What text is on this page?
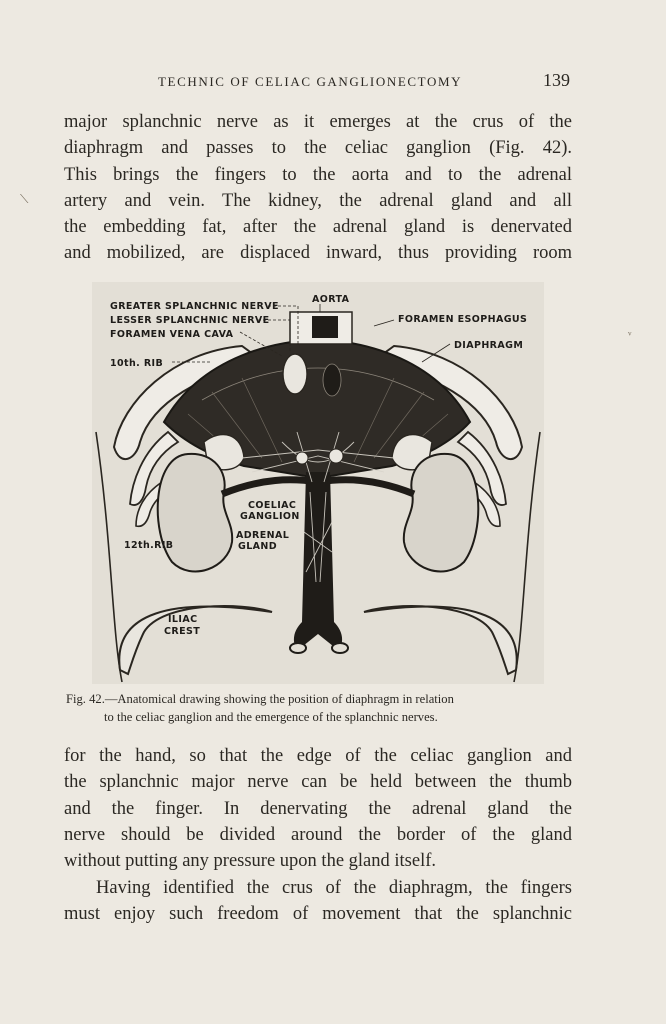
TECHNIC OF CELIAC GANGLIONECTOMY	139
⟍
major splanchnic nerve as it emerges at the crus of the
diaphragm and passes to the celiac ganglion (Fig. 42).
This brings the fingers to the aorta and to the adrenal
artery and vein. The kidney, the adrenal gland and all
the embedding fat, after the adrenal gland is denervated
and mobilized, are displaced inward, thus providing room
GREATER SPLANCHNIC NERVE
LESSER SPLANCHNIC NERVE
FORAMEN VENA CAVA
AORTA
FORAMEN ESOPHAGUS
DIAPHRAGM
10th. RIB
COELIAC
GANGLION
ADRENAL
GLAND
12th.RIB
ILIAC
CREST
Fig. 42.—Anatomical drawing showing the position of diaphragm in relation
to the celiac ganglion and the emergence of the splanchnic nerves.
for the hand, so that the edge of the celiac ganglion and
the splanchnic major nerve can be held between the thumb
and the finger. In denervating the adrenal gland the
nerve should be divided around the border of the gland
without putting any pressure upon the gland itself.
Having identified the crus of the diaphragm, the fingers
must enjoy such freedom of movement that the splanchnic
ᵛ
